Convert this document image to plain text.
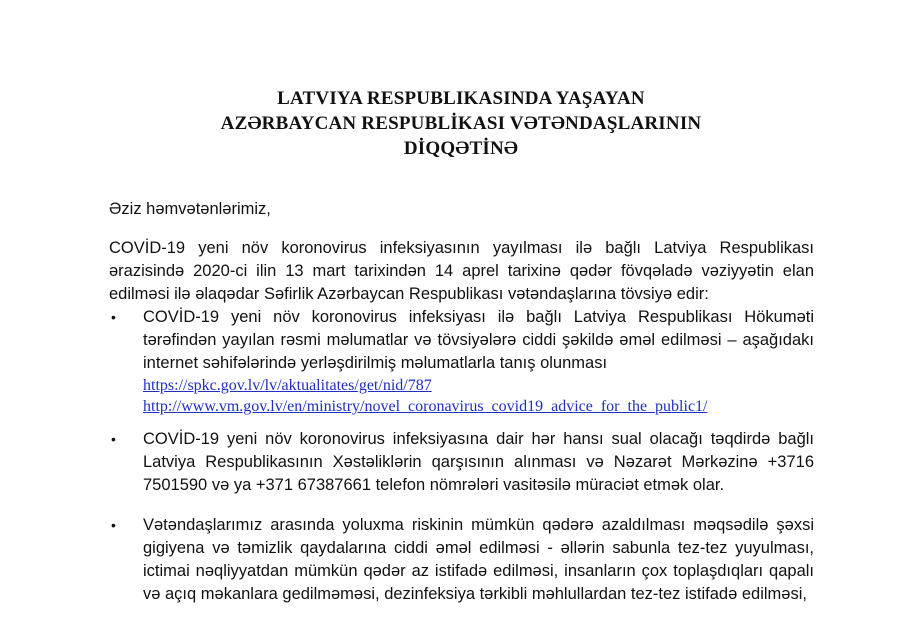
LATVIYA RESPUBLIKASINDA YAŞAYAN
AZƏRBAYCAN RESPUBLİKASI VƏTƏNDAŞLARININ
DİQQƏTİNƏ
Əziz həmvətənlərimiz,
COVİD-19 yeni növ koronovirus infeksiyasının yayılması ilə bağlı Latviya Respublikası ərazisində 2020-ci ilin 13 mart tarixindən 14 aprel tarixinə qədər fövqəladə vəziyyətin elan edilməsi ilə əlaqədar Səfirlik Azərbaycan Respublikası vətəndaşlarına tövsiyə edir:
• COVİD-19 yeni növ koronovirus infeksiyası ilə bağlı Latviya Respublikası Hökuməti tərəfindən yayılan rəsmi məlumatlar və tövsiyələrə ciddi şəkildə əməl edilməsi – aşağıdakı internet səhifələrində yerləşdirilmiş məlumatlarla tanış olunması
https://spkc.gov.lv/lv/aktualitates/get/nid/787
http://www.vm.gov.lv/en/ministry/novel_coronavirus_covid19_advice_for_the_public1/
• COVİD-19 yeni növ koronovirus infeksiyasına dair hər hansı sual olacağı təqdirdə bağlı Latviya Respublikasının Xəstəliklərin qarşısının alınması və Nəzarət Mərkəzinə +3716 7501590 və ya +371 67387661 telefon nömrələri vasitəsilə müraciət etmək olar.
• Vətəndaşlarımız arasında yoluxma riskinin mümkün qədərə azaldılması məqsədilə şəxsi gigiyena və təmizlik qaydalarına ciddi əməl edilməsi - əllərin sabunla tez-tez yuyulması, ictimai nəqliyyatdan mümkün qədər az istifadə edilməsi, insanların çox toplaşdıqları qapalı və açıq məkanlara gedilməməsi, dezinfeksiya tərkibli məhlullardan tez-tez istifadə edilməsi,
